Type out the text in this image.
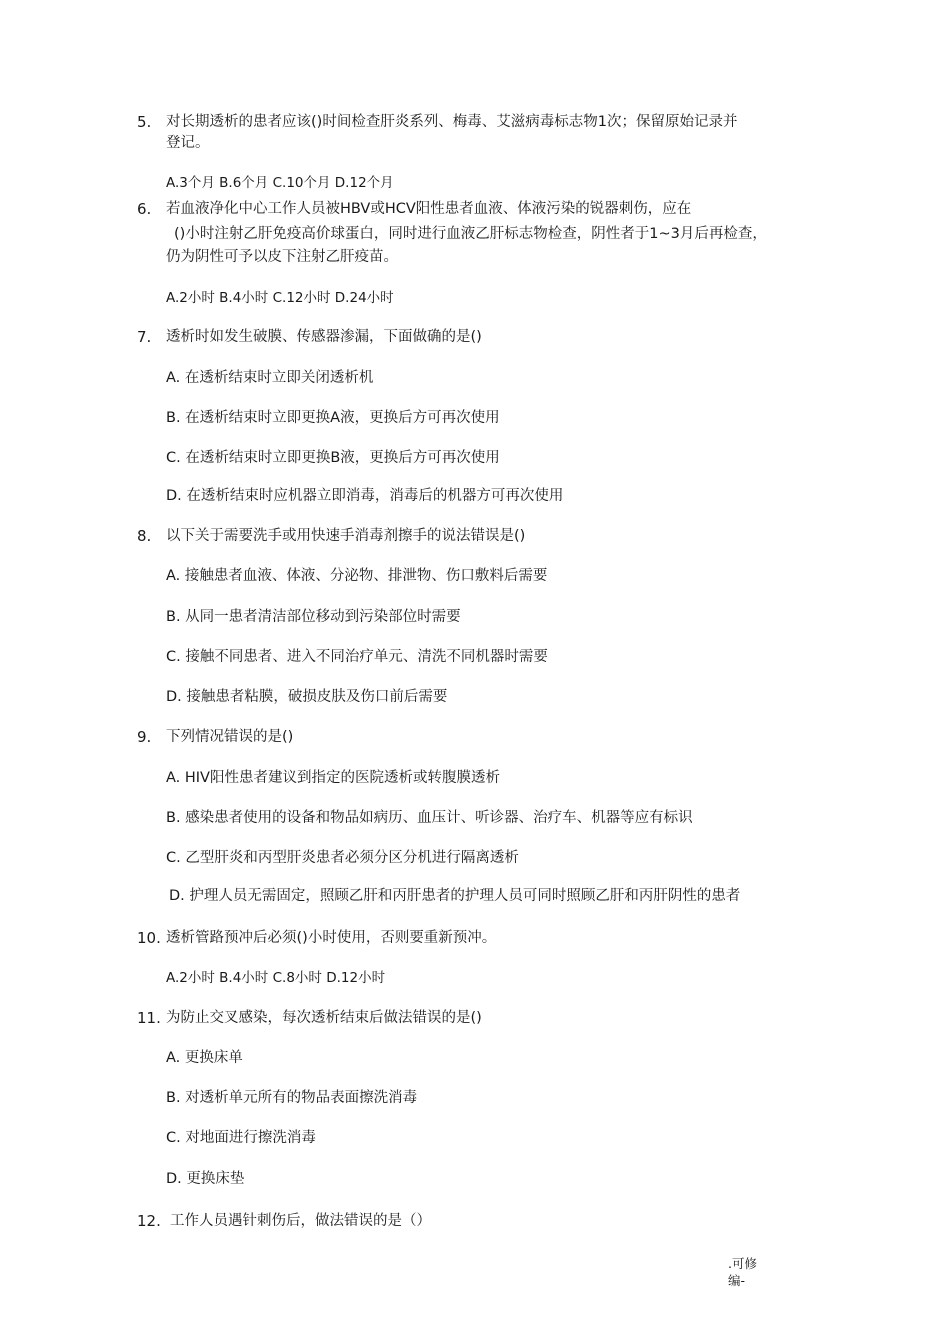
5. 对长期透析的患者应该()时间检查肝炎系列、梅毒、艾滋病毒标志物1次；保留原始记录并
登记。
A.3个月 B.6个月 C.10个月 D.12个月
6. 若血液净化中心工作人员被HBV或HCV阳性患者血液、体液污染的锐器刺伤，应在
()小时注射乙肝免疫高价球蛋白，同时进行血液乙肝标志物检查，阴性者于1~3月后再检查，
仍为阴性可予以皮下注射乙肝疫苗。
A.2小时 B.4小时 C.12小时 D.24小时
7. 透析时如发生破膜、传感器渗漏，下面做确的是()
A. 在透析结束时立即关闭透析机
B. 在透析结束时立即更换A液，更换后方可再次使用
C. 在透析结束时立即更换B液，更换后方可再次使用
D. 在透析结束时应机器立即消毒，消毒后的机器方可再次使用
8. 以下关于需要洗手或用快速手消毒剂擦手的说法错误是()
A. 接触患者血液、体液、分泌物、排泄物、伤口敷料后需要
B. 从同一患者清洁部位移动到污染部位时需要
C. 接触不同患者、进入不同治疗单元、清洗不同机器时需要
D. 接触患者粘膜，破损皮肤及伤口前后需要
9. 下列情况错误的是()
A. HIV阳性患者建议到指定的医院透析或转腹膜透析
B. 感染患者使用的设备和物品如病历、血压计、听诊器、治疗车、机器等应有标识
C. 乙型肝炎和丙型肝炎患者必须分区分机进行隔离透析
D. 护理人员无需固定，照顾乙肝和丙肝患者的护理人员可同时照顾乙肝和丙肝阴性的患者
10. 透析管路预冲后必须()小时使用，否则要重新预冲。
A.2小时 B.4小时 C.8小时 D.12小时
11. 为防止交叉感染，每次透析结束后做法错误的是()
A. 更换床单
B. 对透析单元所有的物品表面擦洗消毒
C. 对地面进行擦洗消毒
D. 更换床垫
12. 工作人员遇针刺伤后，做法错误的是（）
.可修
编-
